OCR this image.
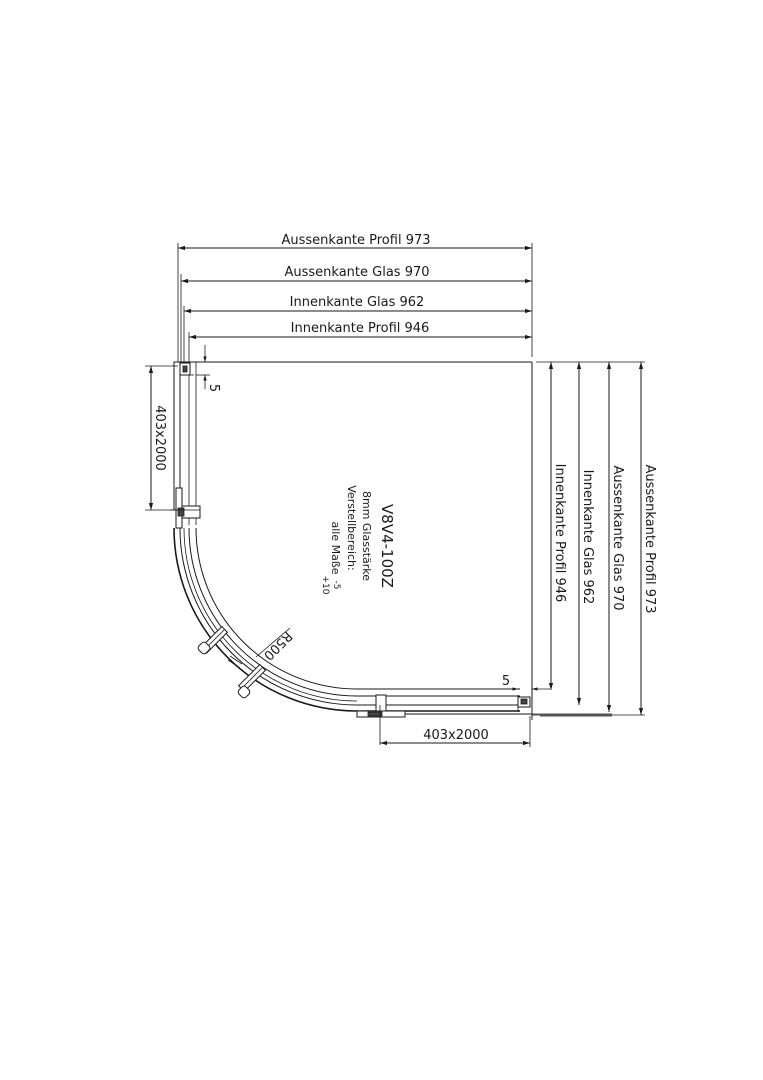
Aussenkante Profil 973
Aussenkante Glas 970
Innenkante Glas 962
Innenkante Profil 946
Innenkante Profil 946 Innenkante Glas 962 Aussenkante Glas 970 Aussenkante Profil 973
5
5
403x2000
403x2000
R500
V8V4-100Z
8mm Glasstärke
Verstellbereich:
alle Maße
-5
+10
